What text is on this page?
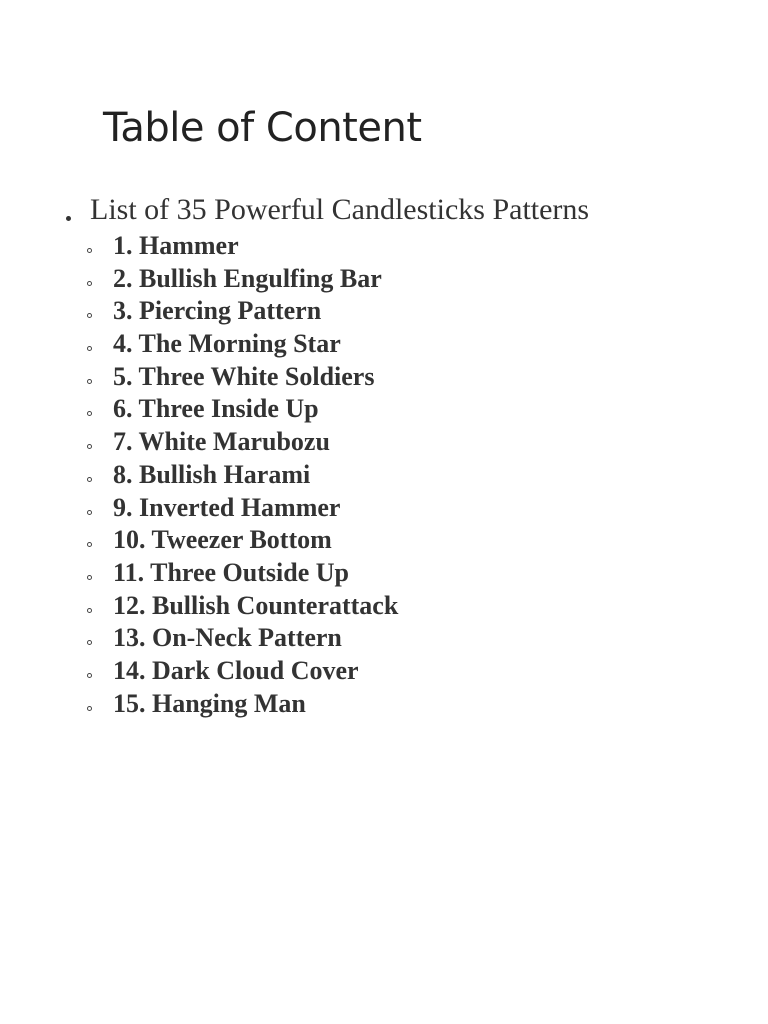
Table of Content
List of 35 Powerful Candlesticks Patterns
1. Hammer
2. Bullish Engulfing Bar
3. Piercing Pattern
4. The Morning Star
5. Three White Soldiers
6. Three Inside Up
7. White Marubozu
8. Bullish Harami
9. Inverted Hammer
10. Tweezer Bottom
11. Three Outside Up
12. Bullish Counterattack
13. On-Neck Pattern
14. Dark Cloud Cover
15. Hanging Man
